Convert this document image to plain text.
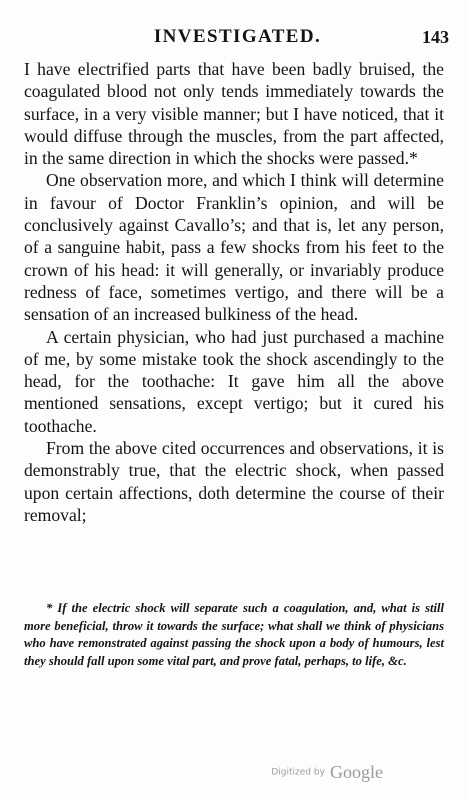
INVESTIGATED.	143

I have electrified parts that have been badly bruised, the coagulated blood not only tends immediately towards the surface, in a very visible manner; but I have noticed, that it would diffuse through the muscles, from the part affected, in the same direction in which the shocks were passed.*

One observation more, and which I think will determine in favour of Doctor Franklin’s opinion, and will be conclusively against Cavallo’s; and that is, let any person, of a sanguine habit, pass a few shocks from his feet to the crown of his head: it will generally, or invariably produce redness of face, sometimes vertigo, and there will be a sensation of an increased bulkiness of the head.

A certain physician, who had just purchased a machine of me, by some mistake took the shock ascendingly to the head, for the toothache: It gave him all the above mentioned sensations, except vertigo; but it cured his toothache.

From the above cited occurrences and observations, it is demonstrably true, that the electric shock, when passed upon certain affections, doth determine the course of their removal;

* If the electric shock will separate such a coagulation, and, what is still more beneficial, throw it towards the surface; what shall we think of physicians who have remonstrated against passing the shock upon a body of humours, lest they should fall upon some vital part, and prove fatal, perhaps, to life, &c.

Digitized by Google
